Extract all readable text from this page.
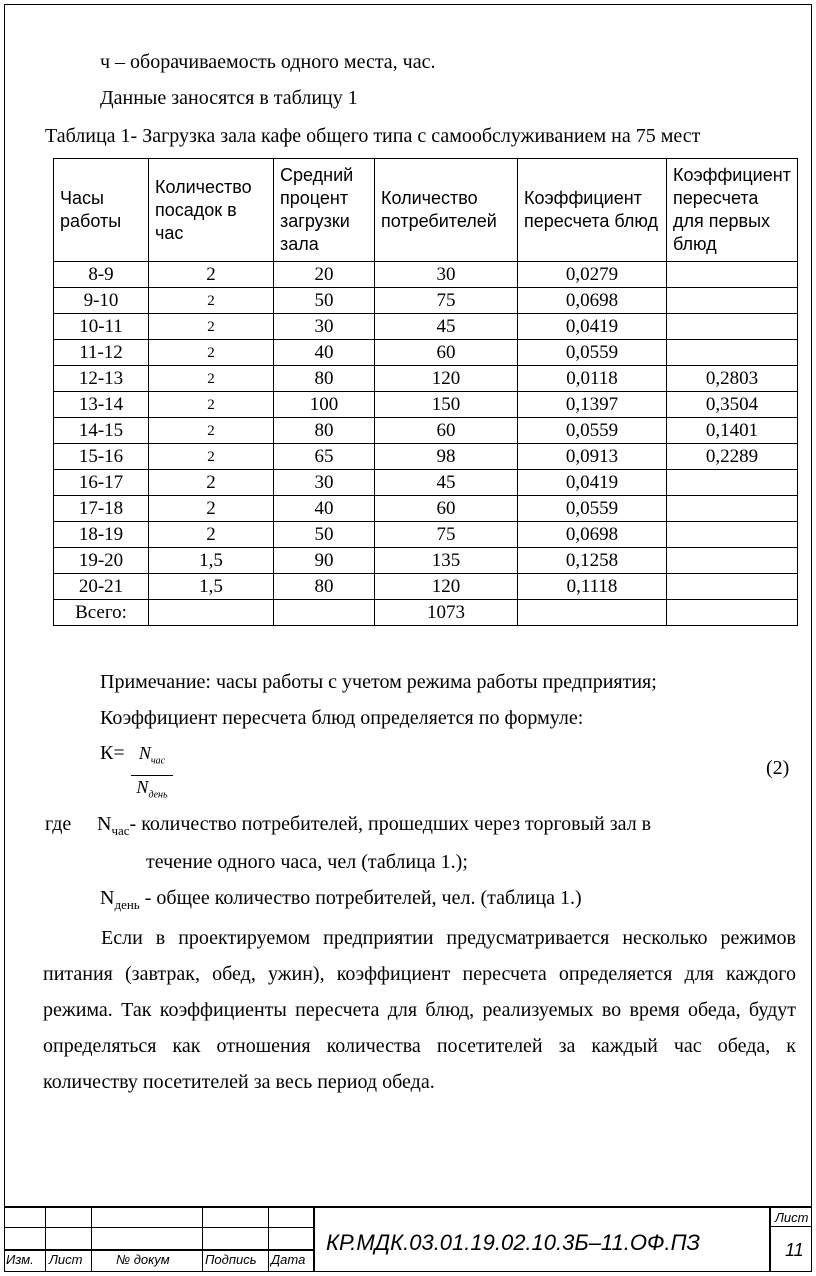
ч – оборачиваемость одного места, час.
Данные заносятся в таблицу 1
Таблица 1- Загрузка зала кафе общего типа с самообслуживанием на 75 мест
Часы работы	Количество посадок в час	Средний процент загрузки зала	Количество потребителей	Коэффициент пересчета блюд	Коэффициент пересчета для первых блюд
8-9	2	20	30	0,0279	
9-10	2	50	75	0,0698	
10-11	2	30	45	0,0419	
11-12	2	40	60	0,0559	
12-13	2	80	120	0,0118	0,2803
13-14	2	100	150	0,1397	0,3504
14-15	2	80	60	0,0559	0,1401
15-16	2	65	98	0,0913	0,2289
16-17	2	30	45	0,0419	
17-18	2	40	60	0,0559	
18-19	2	50	75	0,0698	
19-20	1,5	90	135	0,1258	
20-21	1,5	80	120	0,1118	
Всего:			1073		
Примечание: часы работы с учетом режима работы предприятия;
Коэффициент пересчета блюд определяется по формуле:
$К= N_{час}$
$N_{день}$
(2)
где $N_{час}-$ количество потребителей, прошедших через торговый зал в
течение одного часа, чел (таблица 1.);
$N_{день}$ - общее количество потребителей, чел. (таблица 1.)
Если в проектируемом предприятии предусматривается несколько режимов питания (завтрак, обед, ужин), коэффициент пересчета определяется для каждого режима. Так коэффициенты пересчета для блюд, реализуемых во время обеда, будут определяться как отношения количества посетителей за каждый час обеда, к количеству посетителей за весь период обеда.
Изм. Лист	№ докум	Подпись Дата
КР.МДК.03.01.19.02.10.3Б–11.ОФ.ПЗ
Лист
11
